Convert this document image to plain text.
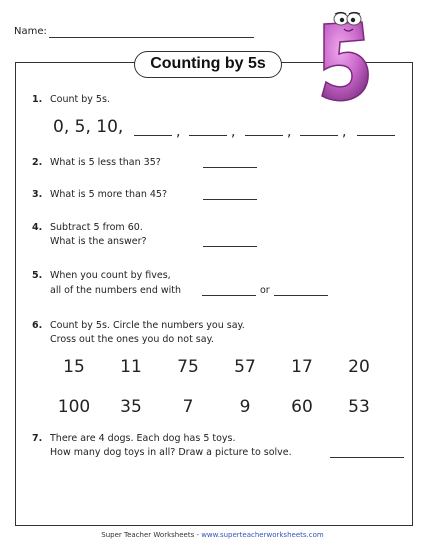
Name:
Counting by 5s
1. Count by 5s.
0, 5, 10,	,	,	,	,
2. What is 5 less than 35?
3. What is 5 more than 45?
4. Subtract 5 from 60.
What is the answer?
5. When you count by fives,
all of the numbers end with	or
6. Count by 5s. Circle the numbers you say.
Cross out the ones you do not say.
15	11	75	57	17	20
100	35	7	9	60	53
7. There are 4 dogs. Each dog has 5 toys.
How many dog toys in all? Draw a picture to solve.
Super Teacher Worksheets - www.superteacherworksheets.com
